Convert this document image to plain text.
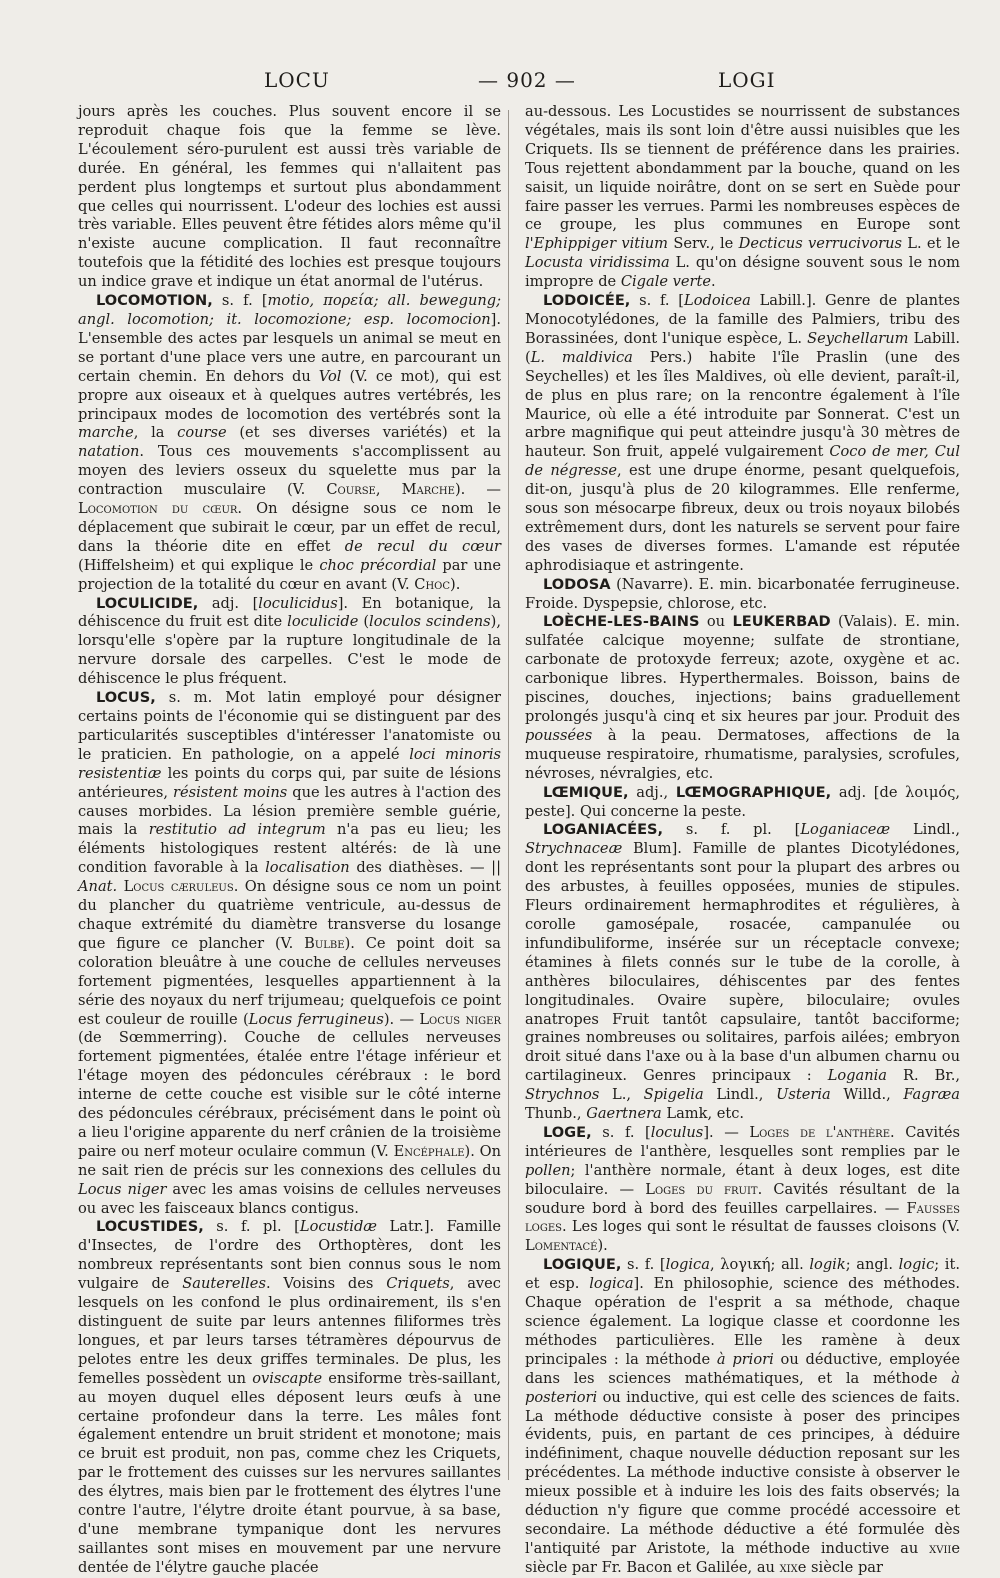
LOCU	— 902 —	LOGI

jours après les couches. Plus souvent encore il se reproduit chaque fois que la femme se lève. L'écoulement séro-purulent est aussi très variable de durée. En général, les femmes qui n'allaitent pas perdent plus longtemps et surtout plus abondamment que celles qui nourrissent. L'odeur des lochies est aussi très variable. Elles peuvent être fétides alors même qu'il n'existe aucune complication. Il faut reconnaître toutefois que la fétidité des lochies est presque toujours un indice grave et indique un état anormal de l'utérus.

LOCOMOTION, s. f. [motio, πορεία; all. bewegung; angl. locomotion; it. locomozione; esp. locomocion]. L'ensemble des actes par lesquels un animal se meut en se portant d'une place vers une autre, en parcourant un certain chemin. En dehors du Vol (V. ce mot), qui est propre aux oiseaux et à quelques autres vertébrés, les principaux modes de locomotion des vertébrés sont la marche, la course (et ses diverses variétés) et la natation. Tous ces mouvements s'accomplissent au moyen des leviers osseux du squelette mus par la contraction musculaire (V. Course, Marche). — Locomotion du cœur. On désigne sous ce nom le déplacement que subirait le cœur, par un effet de recul, dans la théorie dite en effet de recul du cœur (Hiffelsheim) et qui explique le choc précordial par une projection de la totalité du cœur en avant (V. Choc).

LOCULICIDE, adj. [loculicidus]. En botanique, la déhiscence du fruit est dite loculicide (loculos scindens), lorsqu'elle s'opère par la rupture longitudinale de la nervure dorsale des carpelles. C'est le mode de déhiscence le plus fréquent.

LOCUS, s. m. Mot latin employé pour désigner certains points de l'économie qui se distinguent par des particularités susceptibles d'intéresser l'anatomiste ou le praticien. En pathologie, on a appelé loci minoris resistentiæ les points du corps qui, par suite de lésions antérieures, résistent moins que les autres à l'action des causes morbides. La lésion première semble guérie, mais la restitutio ad integrum n'a pas eu lieu; les éléments histologiques restent altérés: de là une condition favorable à la localisation des diathèses. — || Anat. Locus cæruleus. On désigne sous ce nom un point du plancher du quatrième ventricule, au-dessus de chaque extrémité du diamètre transverse du losange que figure ce plancher (V. Bulbe). Ce point doit sa coloration bleuâtre à une couche de cellules nerveuses fortement pigmentées, lesquelles appartiennent à la série des noyaux du nerf trijumeau; quelquefois ce point est couleur de rouille (Locus ferrugineus). — Locus niger (de Sœmmerring). Couche de cellules nerveuses fortement pigmentées, étalée entre l'étage inférieur et l'étage moyen des pédoncules cérébraux : le bord interne de cette couche est visible sur le côté interne des pédoncules cérébraux, précisément dans le point où a lieu l'origine apparente du nerf crânien de la troisième paire ou nerf moteur oculaire commun (V. Encéphale). On ne sait rien de précis sur les connexions des cellules du Locus niger avec les amas voisins de cellules nerveuses ou avec les faisceaux blancs contigus.

LOCUSTIDES, s. f. pl. [Locustidæ Latr.]. Famille d'Insectes, de l'ordre des Orthoptères, dont les nombreux représentants sont bien connus sous le nom vulgaire de Sauterelles. Voisins des Criquets, avec lesquels on les confond le plus ordinairement, ils s'en distinguent de suite par leurs antennes filiformes très longues, et par leurs tarses tétramères dépourvus de pelotes entre les deux griffes terminales. De plus, les femelles possèdent un oviscapte ensiforme très-saillant, au moyen duquel elles déposent leurs œufs à une certaine profondeur dans la terre. Les mâles font également entendre un bruit strident et monotone; mais ce bruit est produit, non pas, comme chez les Criquets, par le frottement des cuisses sur les nervures saillantes des élytres, mais bien par le frottement des élytres l'une contre l'autre, l'élytre droite étant pourvue, à sa base, d'une membrane tympanique dont les nervures saillantes sont mises en mouvement par une nervure dentée de l'élytre gauche placée

au-dessous. Les Locustides se nourrissent de substances végétales, mais ils sont loin d'être aussi nuisibles que les Criquets. Ils se tiennent de préférence dans les prairies. Tous rejettent abondamment par la bouche, quand on les saisit, un liquide noirâtre, dont on se sert en Suède pour faire passer les verrues. Parmi les nombreuses espèces de ce groupe, les plus communes en Europe sont l'Ephippiger vitium Serv., le Decticus verrucivorus L. et le Locusta viridissima L. qu'on désigne souvent sous le nom impropre de Cigale verte.

LODOICÉE, s. f. [Lodoicea Labill.]. Genre de plantes Monocotylédones, de la famille des Palmiers, tribu des Borassinées, dont l'unique espèce, L. Seychellarum Labill. (L. maldivica Pers.) habite l'île Praslin (une des Seychelles) et les îles Maldives, où elle devient, paraît-il, de plus en plus rare; on la rencontre également à l'île Maurice, où elle a été introduite par Sonnerat. C'est un arbre magnifique qui peut atteindre jusqu'à 30 mètres de hauteur. Son fruit, appelé vulgairement Coco de mer, Cul de négresse, est une drupe énorme, pesant quelquefois, dit-on, jusqu'à plus de 20 kilogrammes. Elle renferme, sous son mésocarpe fibreux, deux ou trois noyaux bilobés extrêmement durs, dont les naturels se servent pour faire des vases de diverses formes. L'amande est réputée aphrodisiaque et astringente.

LODOSA (Navarre). E. min. bicarbonatée ferrugineuse. Froide. Dyspepsie, chlorose, etc.

LOÈCHE-LES-BAINS ou LEUKERBAD (Valais). E. min. sulfatée calcique moyenne; sulfate de strontiane, carbonate de protoxyde ferreux; azote, oxygène et ac. carbonique libres. Hyperthermales. Boisson, bains de piscines, douches, injections; bains graduellement prolongés jusqu'à cinq et six heures par jour. Produit des poussées à la peau. Dermatoses, affections de la muqueuse respiratoire, rhumatisme, paralysies, scrofules, névroses, névralgies, etc.

LŒMIQUE, adj., LŒMOGRAPHIQUE, adj. [de λοιμός, peste]. Qui concerne la peste.

LOGANIACÉES, s. f. pl. [Loganiaceæ Lindl., Strychnaceæ Blum]. Famille de plantes Dicotylédones, dont les représentants sont pour la plupart des arbres ou des arbustes, à feuilles opposées, munies de stipules. Fleurs ordinairement hermaphrodites et régulières, à corolle gamosépale, rosacée, campanulée ou infundibuliforme, insérée sur un réceptacle convexe; étamines à filets connés sur le tube de la corolle, à anthères biloculaires, déhiscentes par des fentes longitudinales. Ovaire supère, biloculaire; ovules anatropes Fruit tantôt capsulaire, tantôt bacciforme; graines nombreuses ou solitaires, parfois ailées; embryon droit situé dans l'axe ou à la base d'un albumen charnu ou cartilagineux. Genres principaux : Logania R. Br., Strychnos L., Spigelia Lindl., Usteria Willd., Fagræa Thunb., Gaertnera Lamk, etc.

LOGE, s. f. [loculus]. — Loges de l'anthère. Cavités intérieures de l'anthère, lesquelles sont remplies par le pollen; l'anthère normale, étant à deux loges, est dite biloculaire. — Loges du fruit. Cavités résultant de la soudure bord à bord des feuilles carpellaires. — Fausses loges. Les loges qui sont le résultat de fausses cloisons (V. Lomentacé).

LOGIQUE, s. f. [logica, λογική; all. logik; angl. logic; it. et esp. logica]. En philosophie, science des méthodes. Chaque opération de l'esprit a sa méthode, chaque science également. La logique classe et coordonne les méthodes particulières. Elle les ramène à deux principales : la méthode à priori ou déductive, employée dans les sciences mathématiques, et la méthode à posteriori ou inductive, qui est celle des sciences de faits. La méthode déductive consiste à poser des principes évidents, puis, en partant de ces principes, à déduire indéfiniment, chaque nouvelle déduction reposant sur les précédentes. La méthode inductive consiste à observer le mieux possible et à induire les lois des faits observés; la déduction n'y figure que comme procédé accessoire et secondaire. La méthode déductive a été formulée dès l'antiquité par Aristote, la méthode inductive au xviie siècle par Fr. Bacon et Galilée, au xixe siècle par
